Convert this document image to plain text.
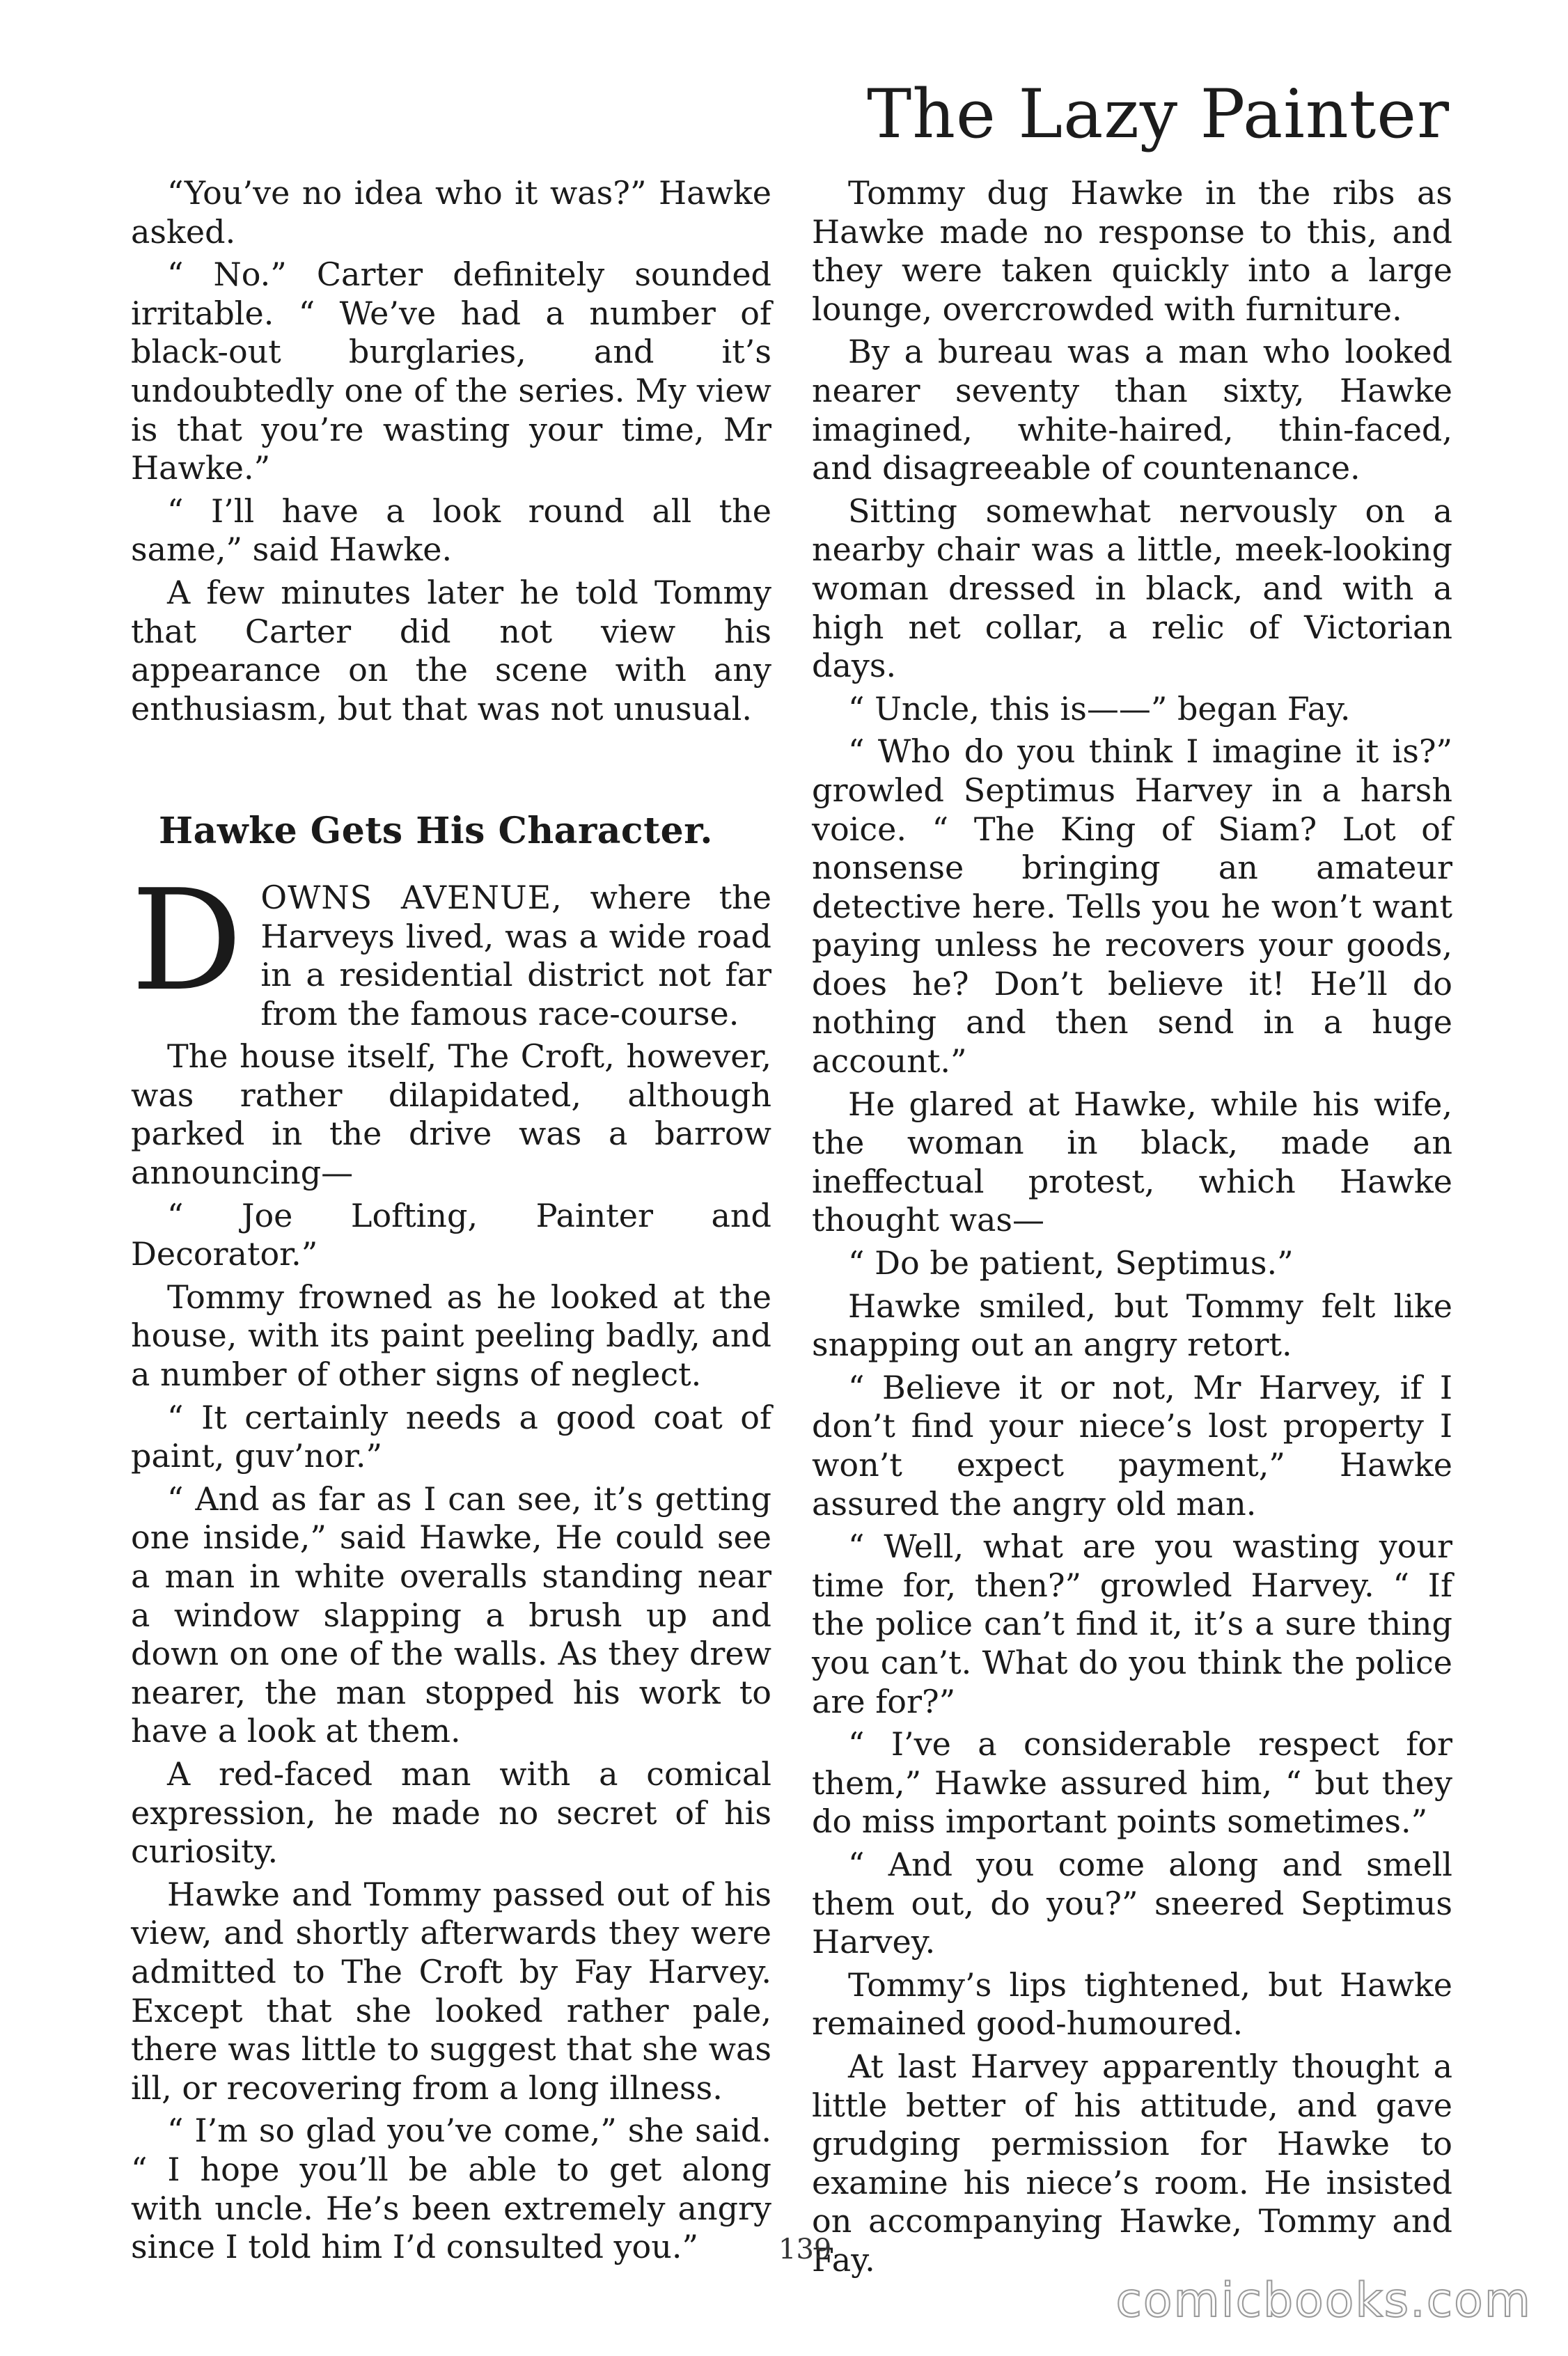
The Lazy Painter

“You’ve no idea who it was?” Hawke asked.

“ No.” Carter definitely sounded irritable. “ We’ve had a number of black-out burglaries, and it’s undoubtedly one of the series. My view is that you’re wasting your time, Mr Hawke.”

“ I’ll have a look round all the same,” said Hawke.

A few minutes later he told Tommy that Carter did not view his appearance on the scene with any enthusiasm, but that was not unusual.

Hawke Gets His Character.

DOWNS AVENUE, where the Harveys lived, was a wide road in a residential district not far from the famous race-course.

The house itself, The Croft, however, was rather dilapidated, although parked in the drive was a barrow announcing—

“ Joe Lofting, Painter and Decorator.”

Tommy frowned as he looked at the house, with its paint peeling badly, and a number of other signs of neglect.

“ It certainly needs a good coat of paint, guv’nor.”

“ And as far as I can see, it’s getting one inside,” said Hawke, He could see a man in white overalls standing near a window slapping a brush up and down on one of the walls. As they drew nearer, the man stopped his work to have a look at them.

A red-faced man with a comical expression, he made no secret of his curiosity.

Hawke and Tommy passed out of his view, and shortly afterwards they were admitted to The Croft by Fay Harvey. Except that she looked rather pale, there was little to suggest that she was ill, or recovering from a long illness.

“ I’m so glad you’ve come,” she said. “ I hope you’ll be able to get along with uncle. He’s been extremely angry since I told him I’d consulted you.”

Tommy dug Hawke in the ribs as Hawke made no response to this, and they were taken quickly into a large lounge, overcrowded with furniture.

By a bureau was a man who looked nearer seventy than sixty, Hawke imagined, white-haired, thin-faced, and disagreeable of countenance.

Sitting somewhat nervously on a nearby chair was a little, meek-looking woman dressed in black, and with a high net collar, a relic of Victorian days.

“ Uncle, this is——” began Fay.

“ Who do you think I imagine it is?” growled Septimus Harvey in a harsh voice. “ The King of Siam? Lot of nonsense bringing an amateur detective here. Tells you he won’t want paying unless he recovers your goods, does he? Don’t believe it! He’ll do nothing and then send in a huge account.”

He glared at Hawke, while his wife, the woman in black, made an ineffectual protest, which Hawke thought was—

“ Do be patient, Septimus.”

Hawke smiled, but Tommy felt like snapping out an angry retort.

“ Believe it or not, Mr Harvey, if I don’t find your niece’s lost property I won’t expect payment,” Hawke assured the angry old man.

“ Well, what are you wasting your time for, then?” growled Harvey. “ If the police can’t find it, it’s a sure thing you can’t. What do you think the police are for?”

“ I’ve a considerable respect for them,” Hawke assured him, “ but they do miss important points sometimes.”

“ And you come along and smell them out, do you?” sneered Septimus Harvey.

Tommy’s lips tightened, but Hawke remained good-humoured.

At last Harvey apparently thought a little better of his attitude, and gave grudging permission for Hawke to examine his niece’s room. He insisted on accompanying Hawke, Tommy and Fay.

139
comicbooks.com
